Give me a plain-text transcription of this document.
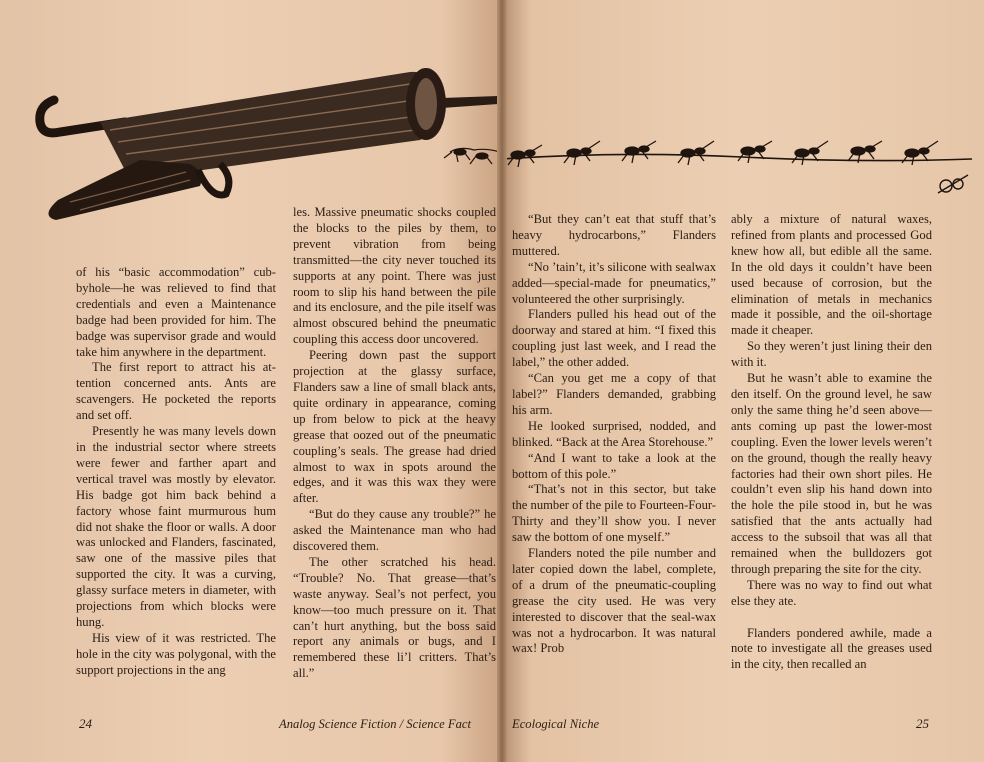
of his “basic accommodation” cubbyhole—he was relieved to find that credentials and even a Maintenance badge had been provided for him. The badge was supervisor grade and would take him anywhere in the department.

The first report to attract his attention concerned ants. Ants are scavengers. He pocketed the reports and set off.

Presently he was many levels down in the industrial sector where streets were fewer and farther apart and vertical travel was mostly by elevator. His badge got him back behind a factory whose faint murmurous hum did not shake the floor or walls. A door was unlocked and Flanders, fascinated, saw one of the massive piles that supported the city. It was a curving, glassy surface meters in diameter, with projections from which blocks were hung.

His view of it was restricted. The hole in the city was polygonal, with the support projections in the ang

les. Massive pneumatic shocks coupled the blocks to the piles by them, to prevent vibration from being transmitted—the city never touched its supports at any point. There was just room to slip his hand between the pile and its enclosure, and the pile itself was almost obscured behind the pneumatic coupling this access door uncovered.

Peering down past the support projection at the glassy surface, Flanders saw a line of small black ants, quite ordinary in appearance, coming up from below to pick at the heavy grease that oozed out of the pneumatic coupling’s seals. The grease had dried almost to wax in spots around the edges, and it was this wax they were after.

“But do they cause any trouble?” he asked the Maintenance man who had discovered them.

The other scratched his head. “Trouble? No. That grease—that’s waste anyway. Seal’s not perfect, you know—too much pressure on it. That can’t hurt anything, but the boss said report any animals or bugs, and I remembered these li’l critters. That’s all.”

24	Analog Science Fiction / Science Fact

“But they can’t eat that stuff that’s heavy hydrocarbons,” Flanders muttered.

“No ’tain’t, it’s silicone with sealwax added—special-made for pneumatics,” volunteered the other surprisingly.

Flanders pulled his head out of the doorway and stared at him. “I fixed this coupling just last week, and I read the label,” the other added.

“Can you get me a copy of that label?” Flanders demanded, grabbing his arm.

He looked surprised, nodded, and blinked. “Back at the Area Storehouse.”

“And I want to take a look at the bottom of this pole.”

“That’s not in this sector, but take the number of the pile to Fourteen-Four-Thirty and they’ll show you. I never saw the bottom of one myself.”

Flanders noted the pile number and later copied down the label, complete, of a drum of the pneumatic-coupling grease the city used. He was very interested to discover that the seal-wax was not a hydrocarbon. It was natural wax! Prob

ably a mixture of natural waxes, refined from plants and processed God knew how all, but edible all the same. In the old days it couldn’t have been used because of corrosion, but the elimination of metals in mechanics made it possible, and the oil-shortage made it cheaper.

So they weren’t just lining their den with it.

But he wasn’t able to examine the den itself. On the ground level, he saw only the same thing he’d seen above—ants coming up past the lower-most coupling. Even the lower levels weren’t on the ground, though the really heavy factories had their own short piles. He couldn’t even slip his hand down into the hole the pile stood in, but he was satisfied that the ants actually had access to the subsoil that was all that remained when the bulldozers got through preparing the site for the city.

There was no way to find out what else they ate.

Flanders pondered awhile, made a note to investigate all the greases used in the city, then recalled an

Ecological Niche	25
